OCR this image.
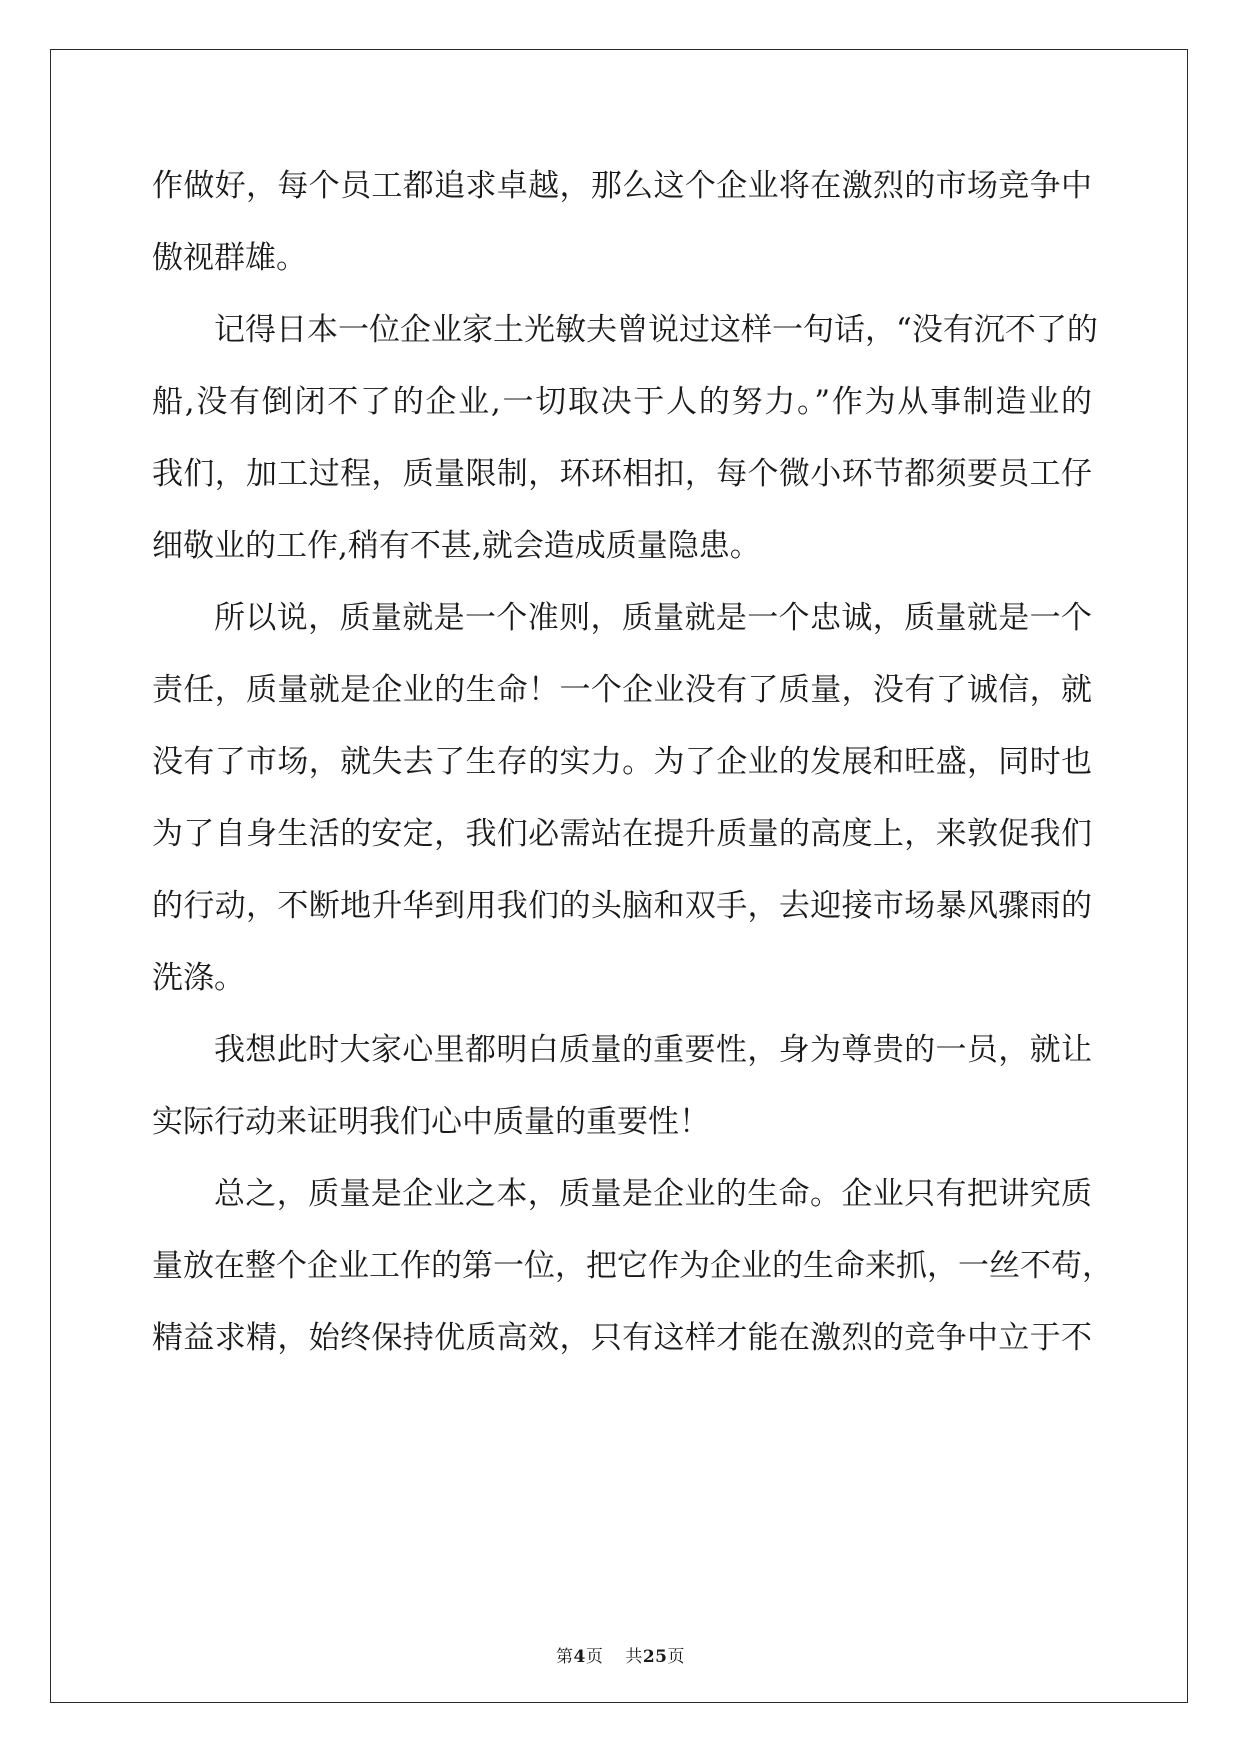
作做好，每个员工都追求卓越，那么这个企业将在激烈的市场竞争中
傲视群雄。
记得日本一位企业家土光敏夫曾说过这样一句话，“没有沉不了的
船,没有倒闭不了的企业,一切取决于人的努力。”作为从事制造业的
我们，加工过程，质量限制，环环相扣，每个微小环节都须要员工仔
细敬业的工作,稍有不甚,就会造成质量隐患。
所以说，质量就是一个准则，质量就是一个忠诚，质量就是一个
责任，质量就是企业的生命！一个企业没有了质量，没有了诚信，就
没有了市场，就失去了生存的实力。为了企业的发展和旺盛，同时也
为了自身生活的安定，我们必需站在提升质量的高度上，来敦促我们
的行动，不断地升华到用我们的头脑和双手，去迎接市场暴风骤雨的
洗涤。
我想此时大家心里都明白质量的重要性，身为尊贵的一员，就让
实际行动来证明我们心中质量的重要性！
总之，质量是企业之本，质量是企业的生命。企业只有把讲究质
量放在整个企业工作的第一位，把它作为企业的生命来抓，一丝不苟，
精益求精，始终保持优质高效，只有这样才能在激烈的竞争中立于不
第4页 共25页
